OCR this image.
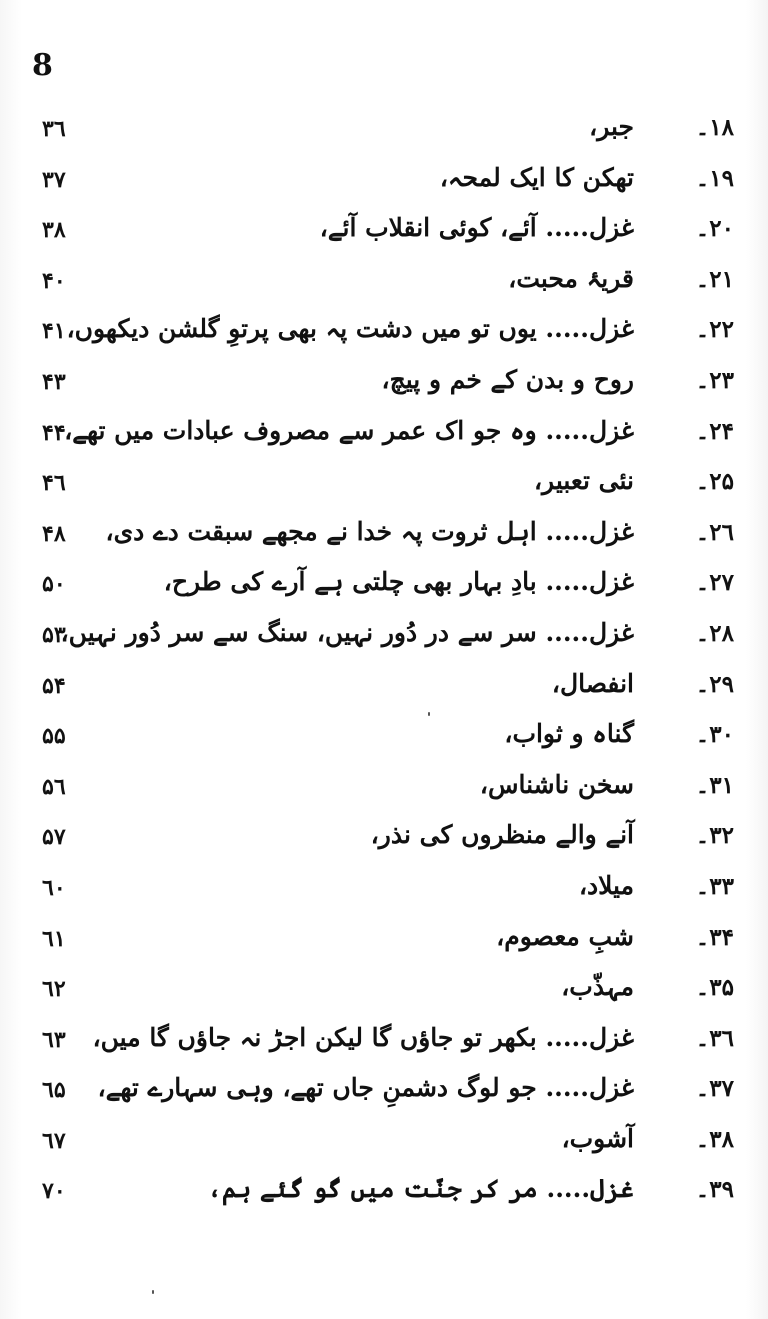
8
۱۸۔
جبر،
۳٦
۱۹۔
تھکن کا ایک لمحہ،
۳۷
۲۰۔
غزل..... آئے، کوئی انقلاب آئے،
۳۸
۲۱۔
قریۂ محبت،
۴۰
۲۲۔
غزل..... یوں تو میں دشت پہ بھی پرتوِ گلشن دیکھوں،
۴۱
۲۳۔
روح و بدن کے خم و پیچ،
۴۳
۲۴۔
غزل..... وہ جو اک عمر سے مصروف عبادات میں تھے،
۴۴
۲۵۔
نئی تعبیر،
۴٦
۲٦۔
غزل..... اہل ثروت پہ خدا نے مجھے سبقت دے دی،
۴۸
۲۷۔
غزل..... بادِ بہار بھی چلتی ہے آرے کی طرح،
۵۰
۲۸۔
غزل..... سر سے در دُور نہیں، سنگ سے سر دُور نہیں،
۵۳
۲۹۔
انفصال،
۵۴
۳۰۔
گناہ و ثواب،
۵۵
۳۱۔
سخن ناشناس،
۵٦
۳۲۔
آنے والے منظروں کی نذر،
۵۷
۳۳۔
میلاد،
٦۰
۳۴۔
شبِ معصوم،
٦۱
۳۵۔
مہذّب،
٦۲
۳٦۔
غزل..... بکھر تو جاؤں گا لیکن اجڑ نہ جاؤں گا میں،
٦۳
۳۷۔
غزل..... جو لوگ دشمنِ جاں تھے، وہی سہارے تھے،
٦۵
۳۸۔
آشوب،
٦۷
۳۹۔
غزل..... مر کر جنّت میں گو گئے ہم،
۷۰
